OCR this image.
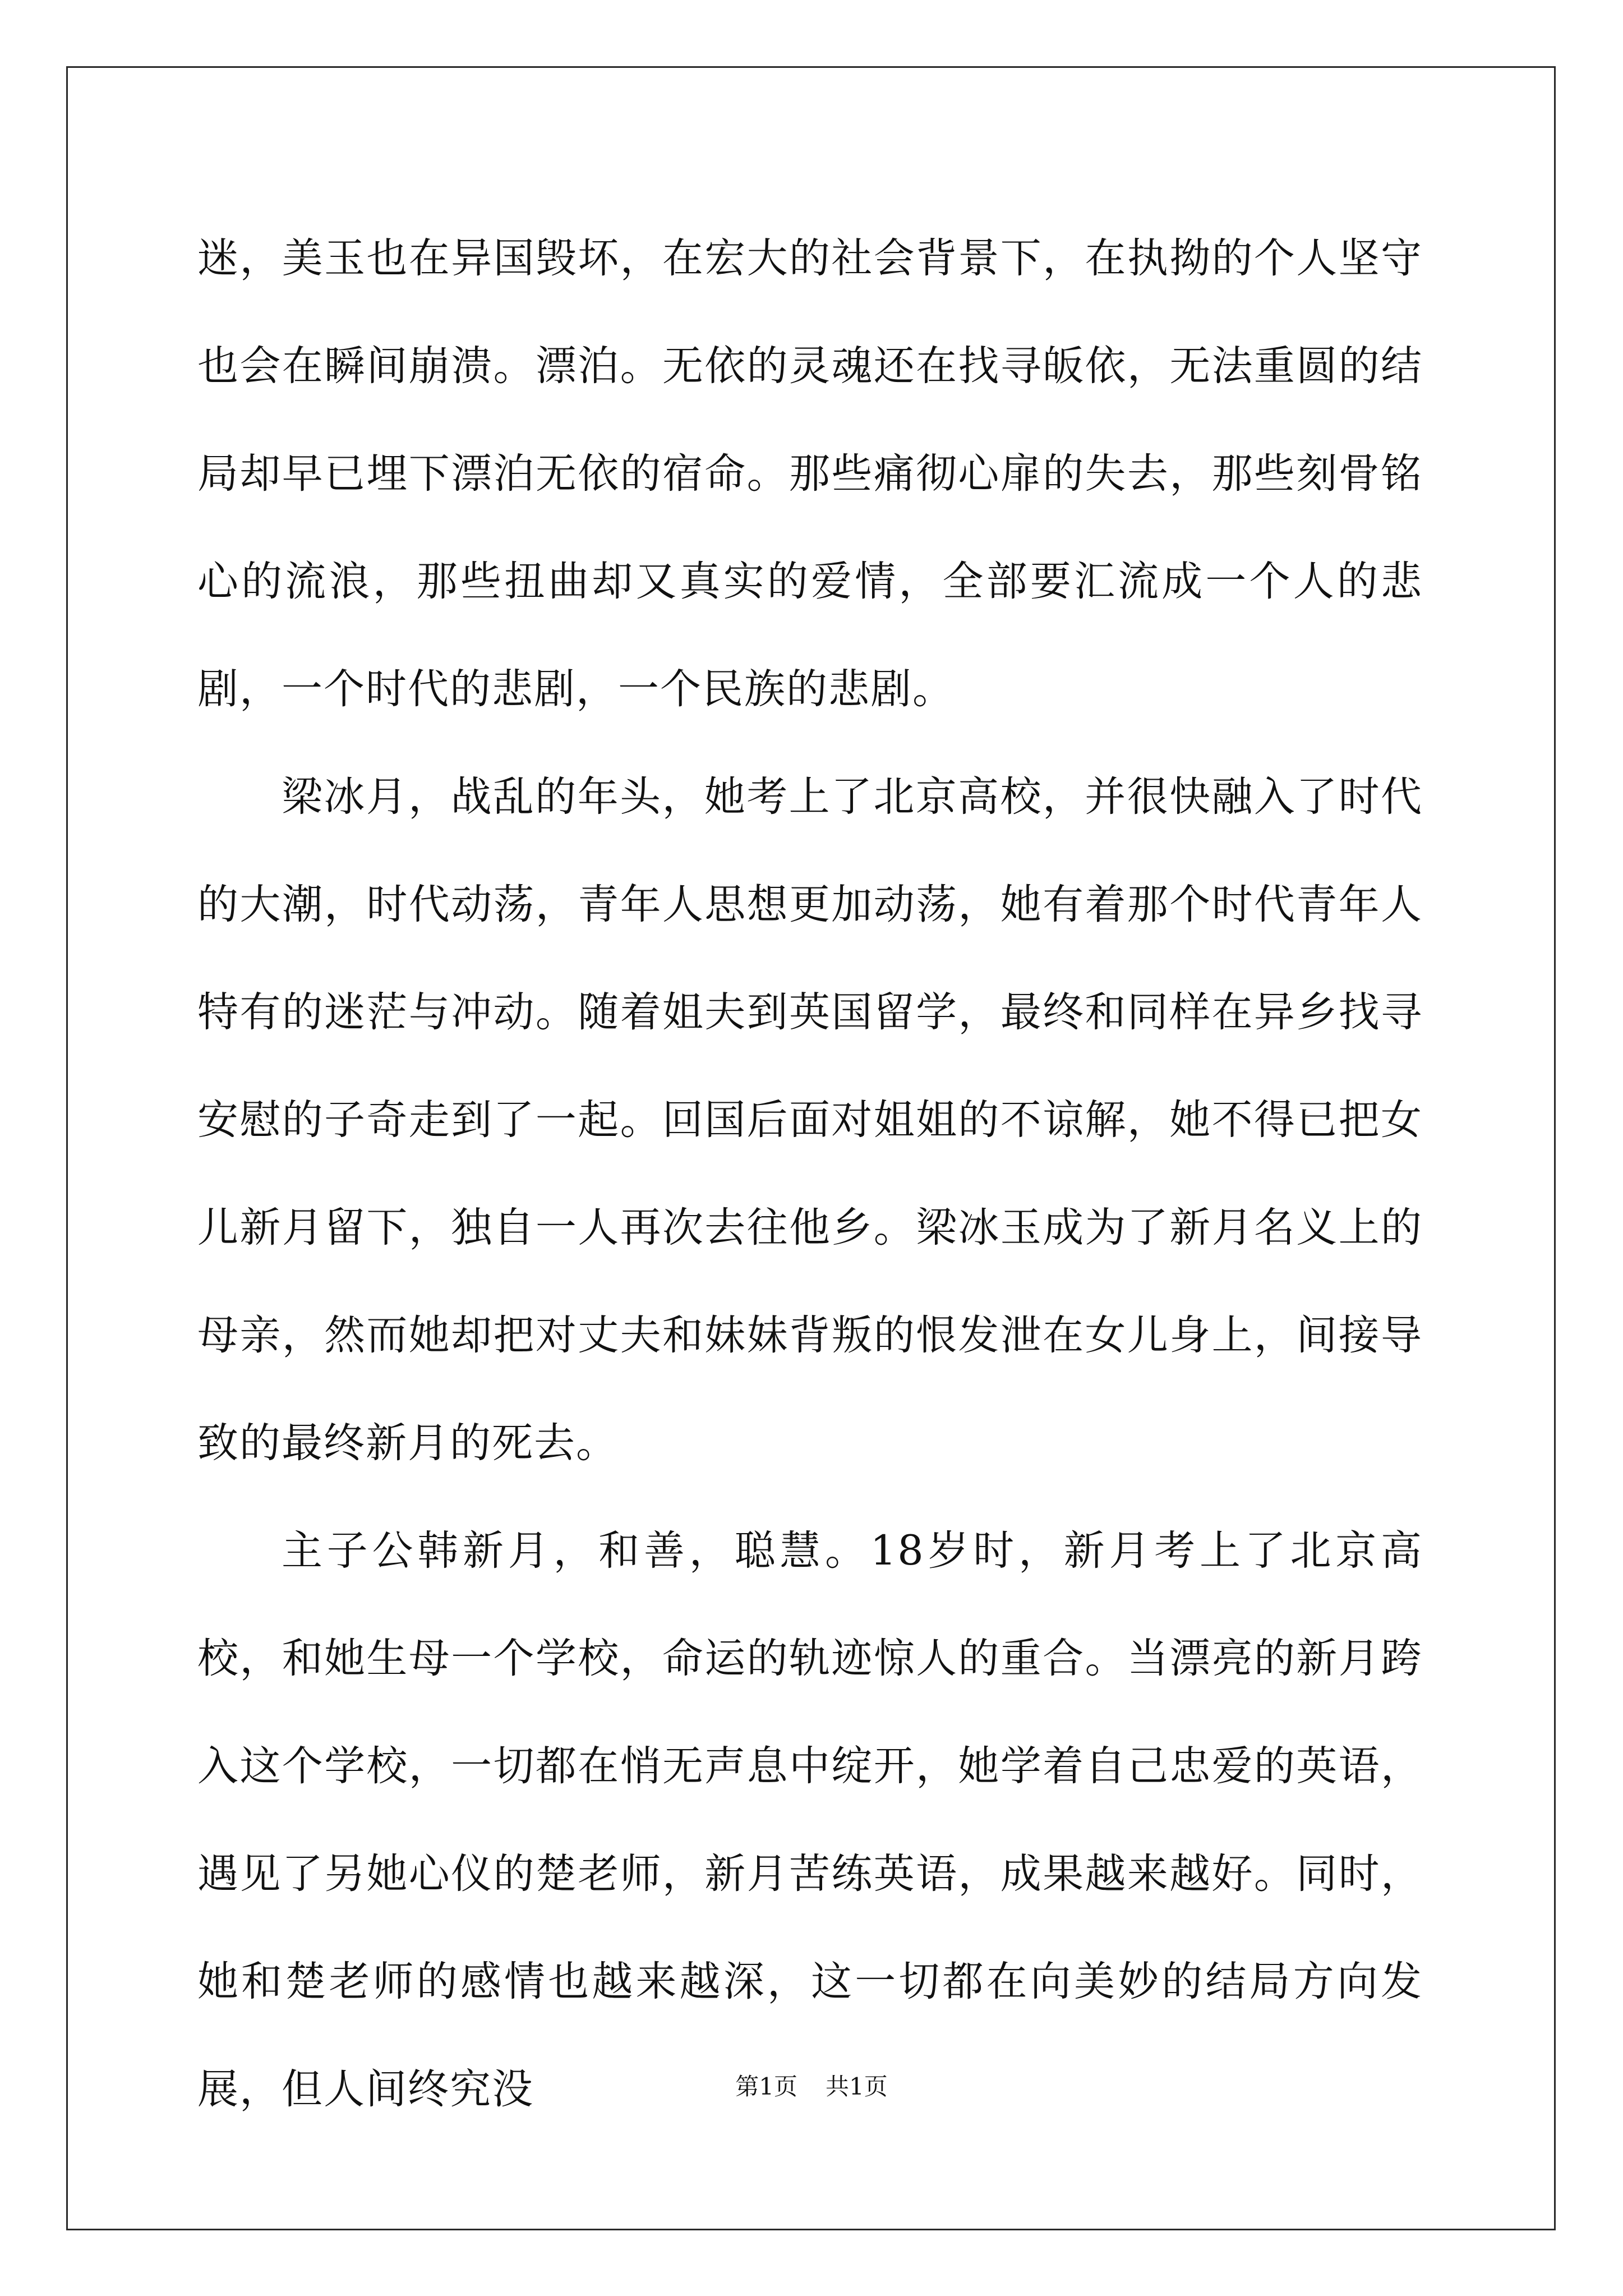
迷，美玉也在异国毁坏，在宏大的社会背景下，在执拗的个人坚守也会在瞬间崩溃。漂泊。无依的灵魂还在找寻皈依，无法重圆的结局却早已埋下漂泊无依的宿命。那些痛彻心扉的失去，那些刻骨铭心的流浪，那些扭曲却又真实的爱情，全部要汇流成一个人的悲剧，一个时代的悲剧，一个民族的悲剧。

梁冰月，战乱的年头，她考上了北京高校，并很快融入了时代的大潮，时代动荡，青年人思想更加动荡，她有着那个时代青年人特有的迷茫与冲动。随着姐夫到英国留学，最终和同样在异乡找寻安慰的子奇走到了一起。回国后面对姐姐的不谅解，她不得已把女儿新月留下，独自一人再次去往他乡。梁冰玉成为了新月名义上的母亲，然而她却把对丈夫和妹妹背叛的恨发泄在女儿身上，间接导致的最终新月的死去。

主子公韩新月，和善，聪慧。18岁时，新月考上了北京高校，和她生母一个学校，命运的轨迹惊人的重合。当漂亮的新月跨入这个学校，一切都在悄无声息中绽开，她学着自己忠爱的英语，遇见了另她心仪的楚老师，新月苦练英语，成果越来越好。同时，她和楚老师的感情也越来越深，这一切都在向美妙的结局方向发展，但人间终究没	第1页 共1页
